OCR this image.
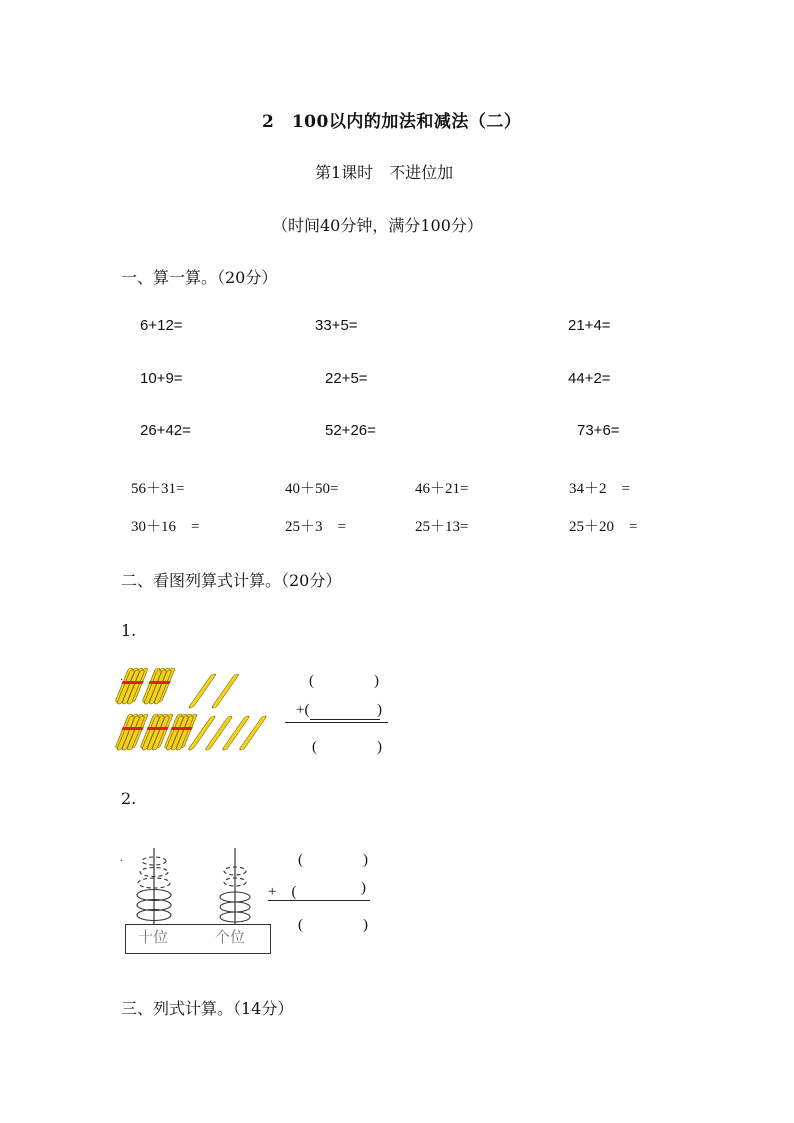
2　100以内的加法和减法（二）
第1课时　不进位加
（时间40分钟，满分100分）
一、算一算。（20分）
6+12=	33+5=	21+4=
10+9=	22+5=	44+2=
26+42=	52+26=	73+6=
56＋31=	40＋50=	46＋21=	34＋2　=
30＋16　=	25＋3　=	25＋13=	25＋20　=
二、看图列算式计算。（20分）
1.
.	(　　　　)
+(	)
(　　　　)
2.
.
十位	个位
(　　　　)
+　(	)
(　　　　)
三、列式计算。（14分）
